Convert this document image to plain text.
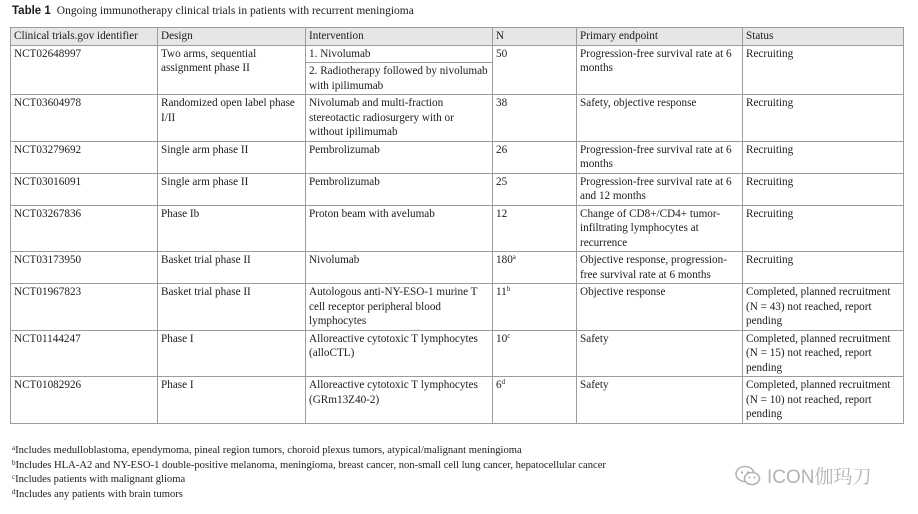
Table 1 Ongoing immunotherapy clinical trials in patients with recurrent meningioma
Clinical trials.gov identifier	Design	Intervention	N	Primary endpoint	Status
NCT02648997	Two arms, sequential assignment phase II	1. Nivolumab	50	Progression-free survival rate at 6 months	Recruiting
		2. Radiotherapy followed by nivolumab with ipilimumab			
NCT03604978	Randomized open label phase I/II	Nivolumab and multi-fraction stereotactic radiosurgery with or without ipilimumab	38	Safety, objective response	Recruiting
NCT03279692	Single arm phase II	Pembrolizumab	26	Progression-free survival rate at 6 months	Recruiting
NCT03016091	Single arm phase II	Pembrolizumab	25	Progression-free survival rate at 6 and 12 months	Recruiting
NCT03267836	Phase Ib	Proton beam with avelumab	12	Change of CD8+/CD4+ tumor-infiltrating lymphocytes at recurrence	Recruiting
NCT03173950	Basket trial phase II	Nivolumab	180$^a$	Objective response, progression-free survival rate at 6 months	Recruiting
NCT01967823	Basket trial phase II	Autologous anti-NY-ESO-1 murine T cell receptor peripheral blood lymphocytes	11$^b$	Objective response	Completed, planned recruitment (N = 43) not reached, report pending
NCT01144247	Phase I	Alloreactive cytotoxic T lymphocytes (alloCTL)	10$^c$	Safety	Completed, planned recruitment (N = 15) not reached, report pending
NCT01082926	Phase I	Alloreactive cytotoxic T lymphocytes (GRm13Z40-2)	6$^d$	Safety	Completed, planned recruitment (N = 10) not reached, report pending
$^a$Includes medulloblastoma, ependymoma, pineal region tumors, choroid plexus tumors, atypical/malignant meningioma
$^b$Includes HLA-A2 and NY-ESO-1 double-positive melanoma, meningioma, breast cancer, non-small cell lung cancer, hepatocellular cancer
$^c$Includes patients with malignant glioma
$^d$Includes any patients with brain tumors
ICON伽玛刀
